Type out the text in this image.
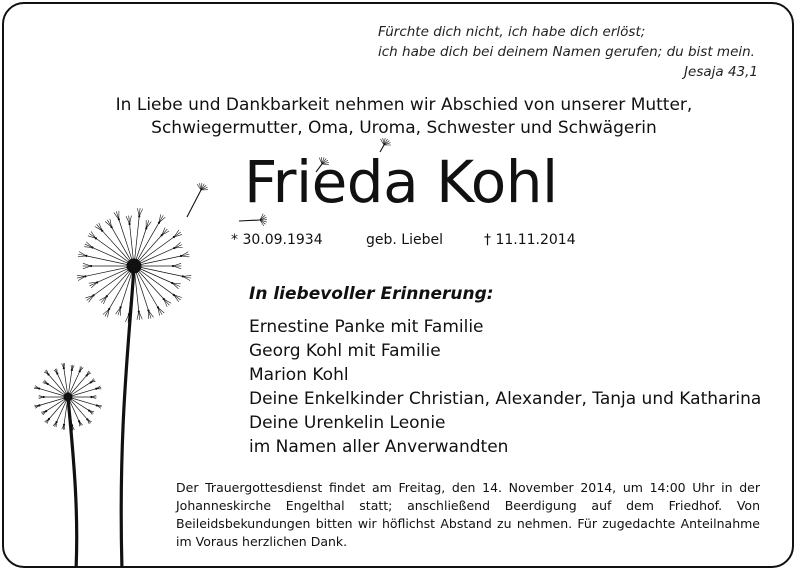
Fürchte dich nicht, ich habe dich erlöst;
ich habe dich bei deinem Namen gerufen; du bist mein.

Jesaja 43,1
In Liebe und Dankbarkeit nehmen wir Abschied von unserer Mutter,
Schwiegermutter, Oma, Uroma, Schwester und Schwägerin
Frieda Kohl
* 30.09.1934	geb. Liebel	† 11.11.2014
In liebevoller Erinnerung:
Ernestine Panke mit Familie
Georg Kohl mit Familie
Marion Kohl
Deine Enkelkinder Christian, Alexander, Tanja und Katharina
Deine Urenkelin Leonie
im Namen aller Anverwandten
Der Trauergottesdienst findet am Freitag, den 14. November 2014, um 14:00 Uhr in der Johanneskirche Engelthal statt; anschließend Beerdigung auf dem Friedhof. Von Beileidsbekundungen bitten wir höflichst Abstand zu nehmen. Für zugedachte Anteilnahme im Voraus herzlichen Dank.
